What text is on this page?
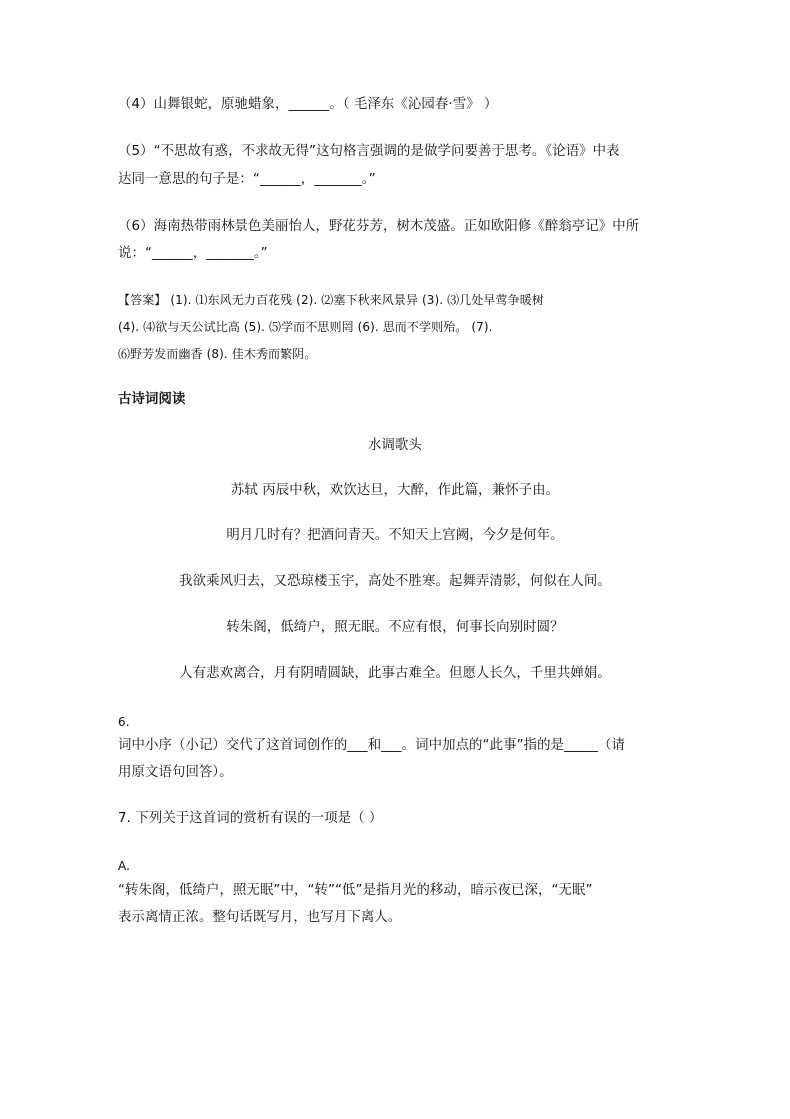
（4）山舞银蛇，原驰蜡象，______。（ 毛泽东《沁园春·雪》 ）
（5）“不思故有惑，不求故无得”这句格言强调的是做学问要善于思考。《论语》中表
达同一意思的句子是：“______，_______。”
（6）海南热带雨林景色美丽怡人，野花芬芳，树木茂盛。正如欧阳修《醉翁亭记》中所
说：“______，_______。”
【答案】 (1). ⑴东风无力百花残 (2). ⑵塞下秋来风景异 (3). ⑶几处早莺争暖树
(4). ⑷欲与天公试比高 (5). ⑸学而不思则罔 (6). 思而不学则殆。 (7).
⑹野芳发而幽香 (8). 佳木秀而繁阴。
古诗词阅读
水调歌头
苏轼 丙辰中秋，欢饮达旦，大醉，作此篇，兼怀子由。
明月几时有？把酒问青天。不知天上宫阙，今夕是何年。
我欲乘风归去，又恐琼楼玉宇，高处不胜寒。起舞弄清影，何似在人间。
转朱阁，低绮户，照无眠。不应有恨，何事长向别时圆？
人有悲欢离合，月有阴晴圆缺，此事古难全。但愿人长久，千里共婵娟。
6.
词中小序（小记）交代了这首词创作的___和___。词中加点的“此事”指的是_____（请
用原文语句回答）。
7. 下列关于这首词的赏析有误的一项是（ ）
A.
“转朱阁，低绮户，照无眠”中，“转”“低”是指月光的移动，暗示夜已深，“无眠”
表示离情正浓。整句话既写月，也写月下离人。
